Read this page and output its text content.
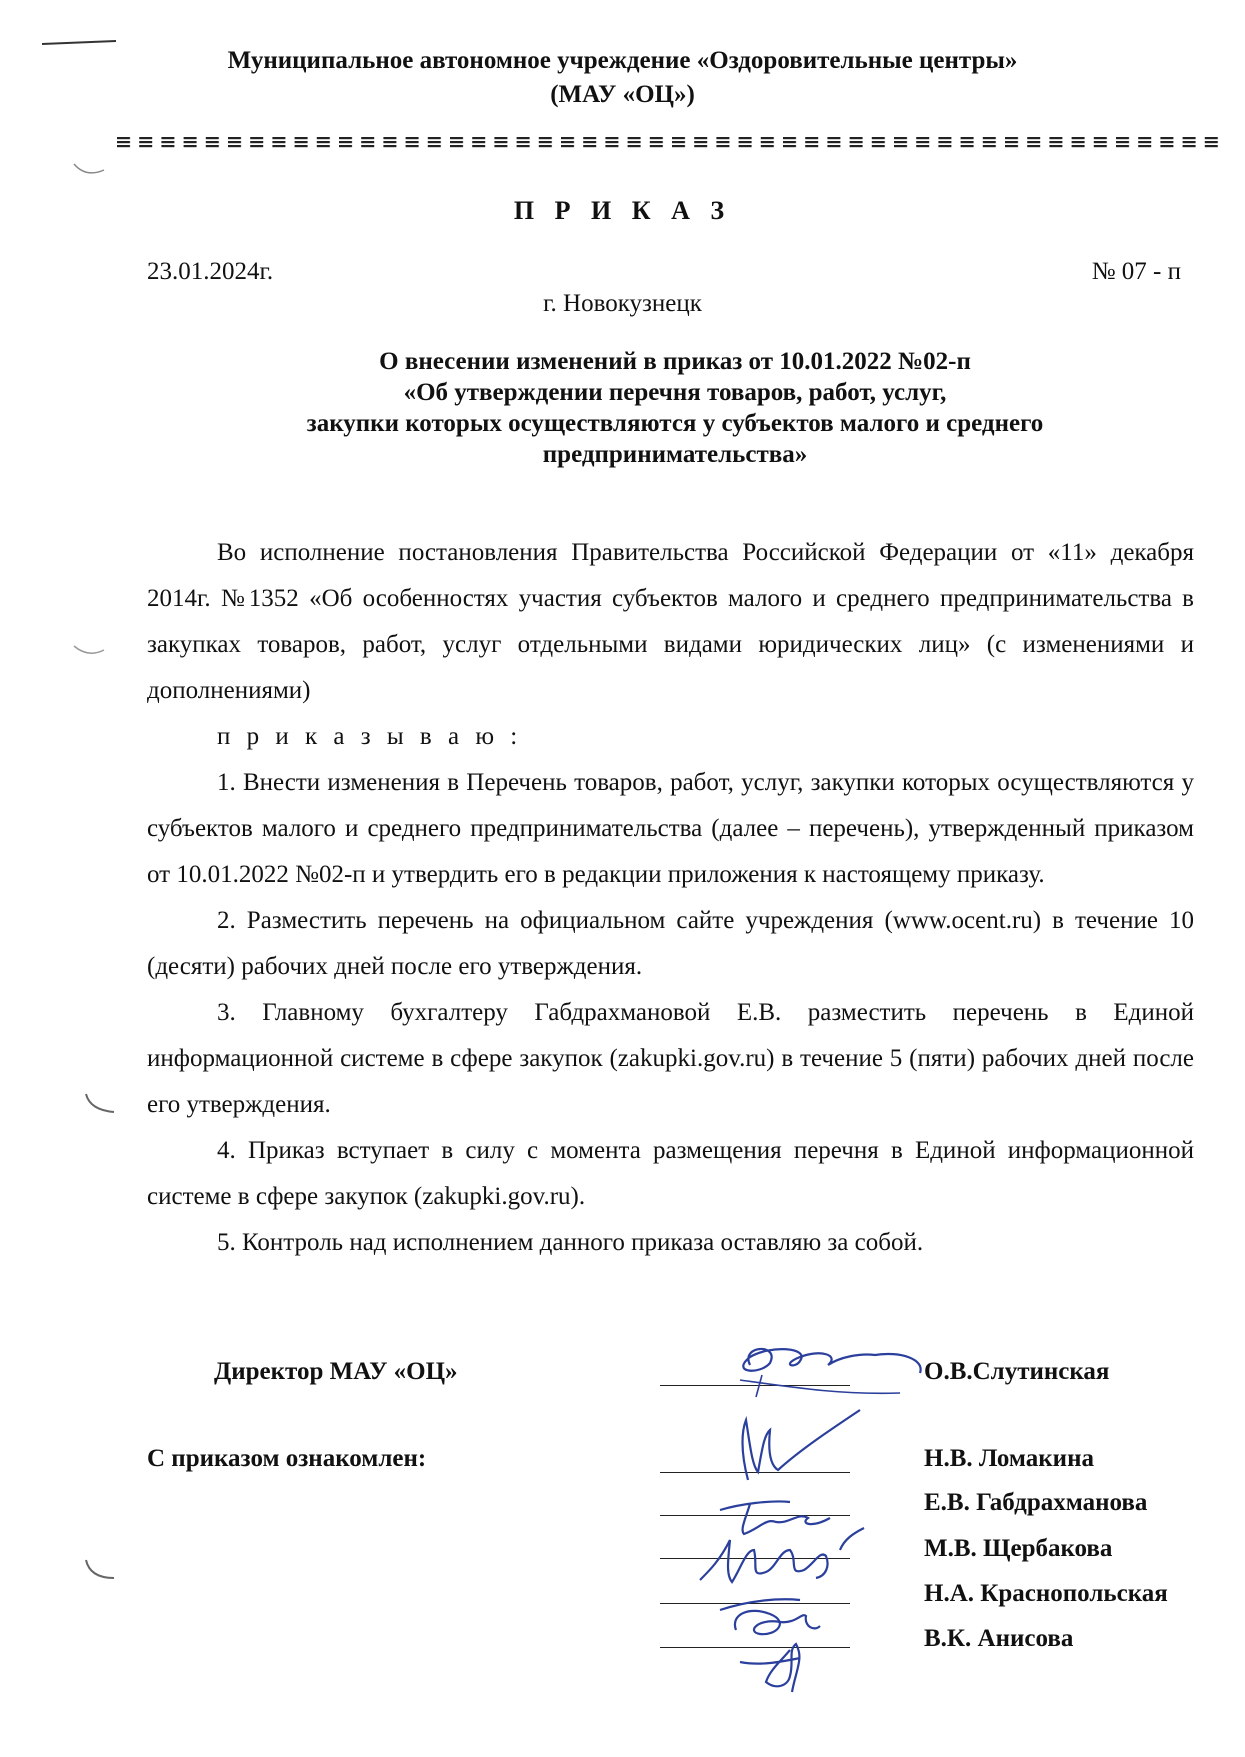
Муниципальное автономное учреждение «Оздоровительные центры»
(МАУ «ОЦ»)
П Р И К А З
23.01.2024г.	№ 07 - п
г. Новокузнецк
О внесении изменений в приказ от 10.01.2022 №02-п
«Об утверждении перечня товаров, работ, услуг,
закупки которых осуществляются у субъектов малого и среднего
предпринимательства»

Во исполнение постановления Правительства Российской Федерации от «11» декабря 2014г. №1352 «Об особенностях участия субъектов малого и среднего предпринимательства в закупках товаров, работ, услуг отдельными видами юридических лиц» (с изменениями и дополнениями)

п р и к а з ы в а ю :

1. Внести изменения в Перечень товаров, работ, услуг, закупки которых осуществляются у субъектов малого и среднего предпринимательства (далее – перечень), утвержденный приказом от 10.01.2022 №02-п и утвердить его в редакции приложения к настоящему приказу.

2. Разместить перечень на официальном сайте учреждения (www.ocent.ru) в течение 10 (десяти) рабочих дней после его утверждения.

3. Главному бухгалтеру Габдрахмановой Е.В. разместить перечень в Единой информационной системе в сфере закупок (zakupki.gov.ru) в течение 5 (пяти) рабочих дней после его утверждения.

4. Приказ вступает в силу с момента размещения перечня в Единой информационной системе в сфере закупок (zakupki.gov.ru).

5. Контроль над исполнением данного приказа оставляю за собой.

Директор МАУ «ОЦ»	О.В.Слутинская
С приказом ознакомлен:	Н.В. Ломакина
Е.В. Габдрахманова
М.В. Щербакова
Н.А. Краснопольская
В.К. Анисова
